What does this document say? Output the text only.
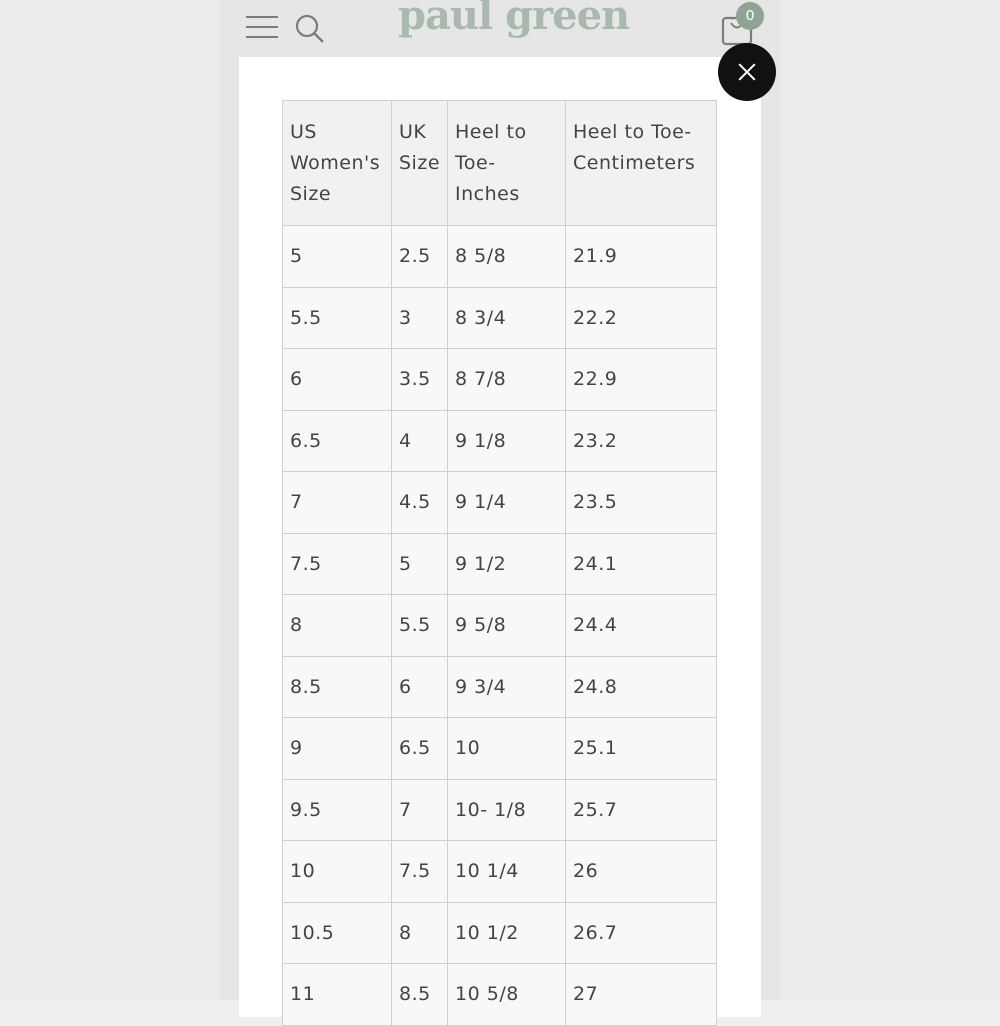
paul green	0
US Women's Size	UK Size	Heel to Toe- Inches	Heel to Toe- Centimeters
5	2.5	8 5/8	21.9
5.5	3	8 3/4	22.2
6	3.5	8 7/8	22.9
6.5	4	9 1/8	23.2
7	4.5	9 1/4	23.5
7.5	5	9 1/2	24.1
8	5.5	9 5/8	24.4
8.5	6	9 3/4	24.8
9	6.5	10	25.1
9.5	7	10- 1/8	25.7
10	7.5	10 1/4	26
10.5	8	10 1/2	26.7
11	8.5	10 5/8	27
